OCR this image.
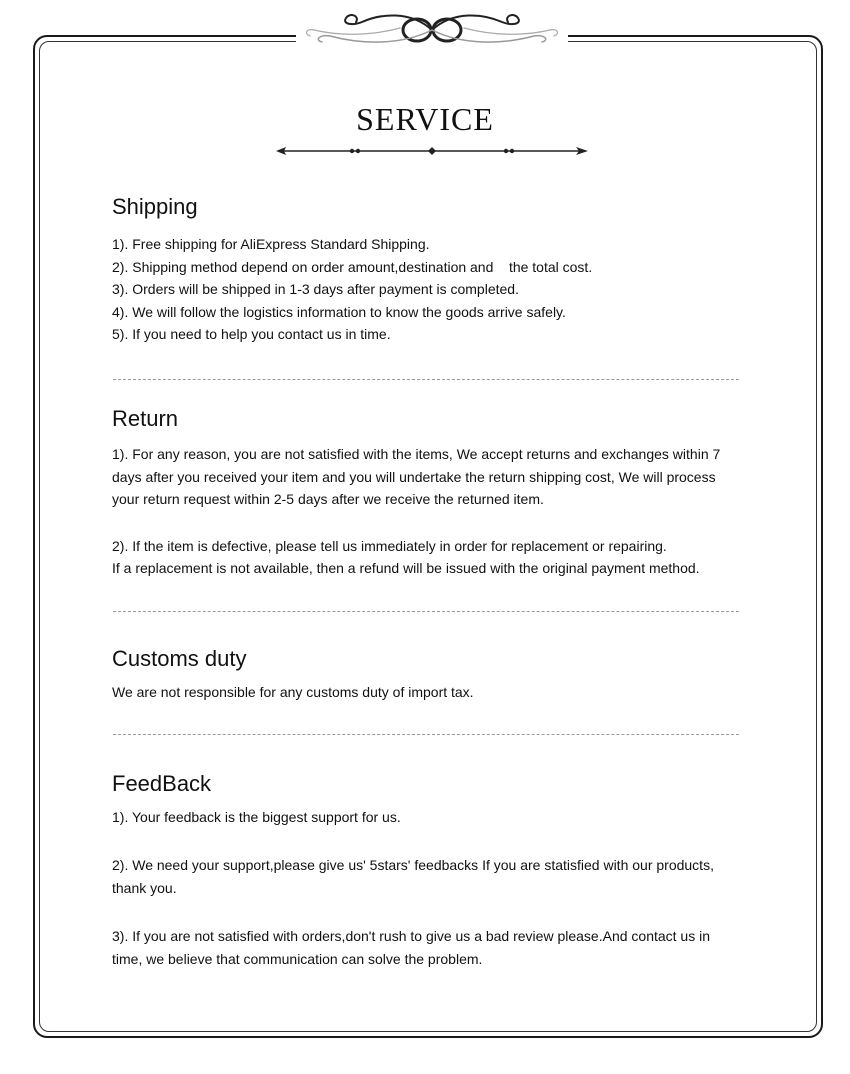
SERVICE
Shipping

1). Free shipping for AliExpress Standard Shipping.

2). Shipping method depend on order amount,destination and    the total cost.

3). Orders will be shipped in 1-3 days after payment is completed.

4). We will follow the logistics information to know the goods arrive safely.

5). If you need to help you contact us in time.

Return

1). For any reason, you are not satisfied with the items, We accept returns and exchanges within 7

days after you received your item and you will undertake the return shipping cost, We will process

your return request within 2-5 days after we receive the returned item.

2). If the item is defective, please tell us immediately in order for replacement or repairing.

If a replacement is not available, then a refund will be issued with the original payment method.

Customs duty

We are not responsible for any customs duty of import tax.

FeedBack

1). Your feedback is the biggest support for us.

2). We need your support,please give us' 5stars' feedbacks If you are statisfied with our products,

thank you.

3). If you are not satisfied with orders,don't rush to give us a bad review please.And contact us in

time, we believe that communication can solve the problem.
